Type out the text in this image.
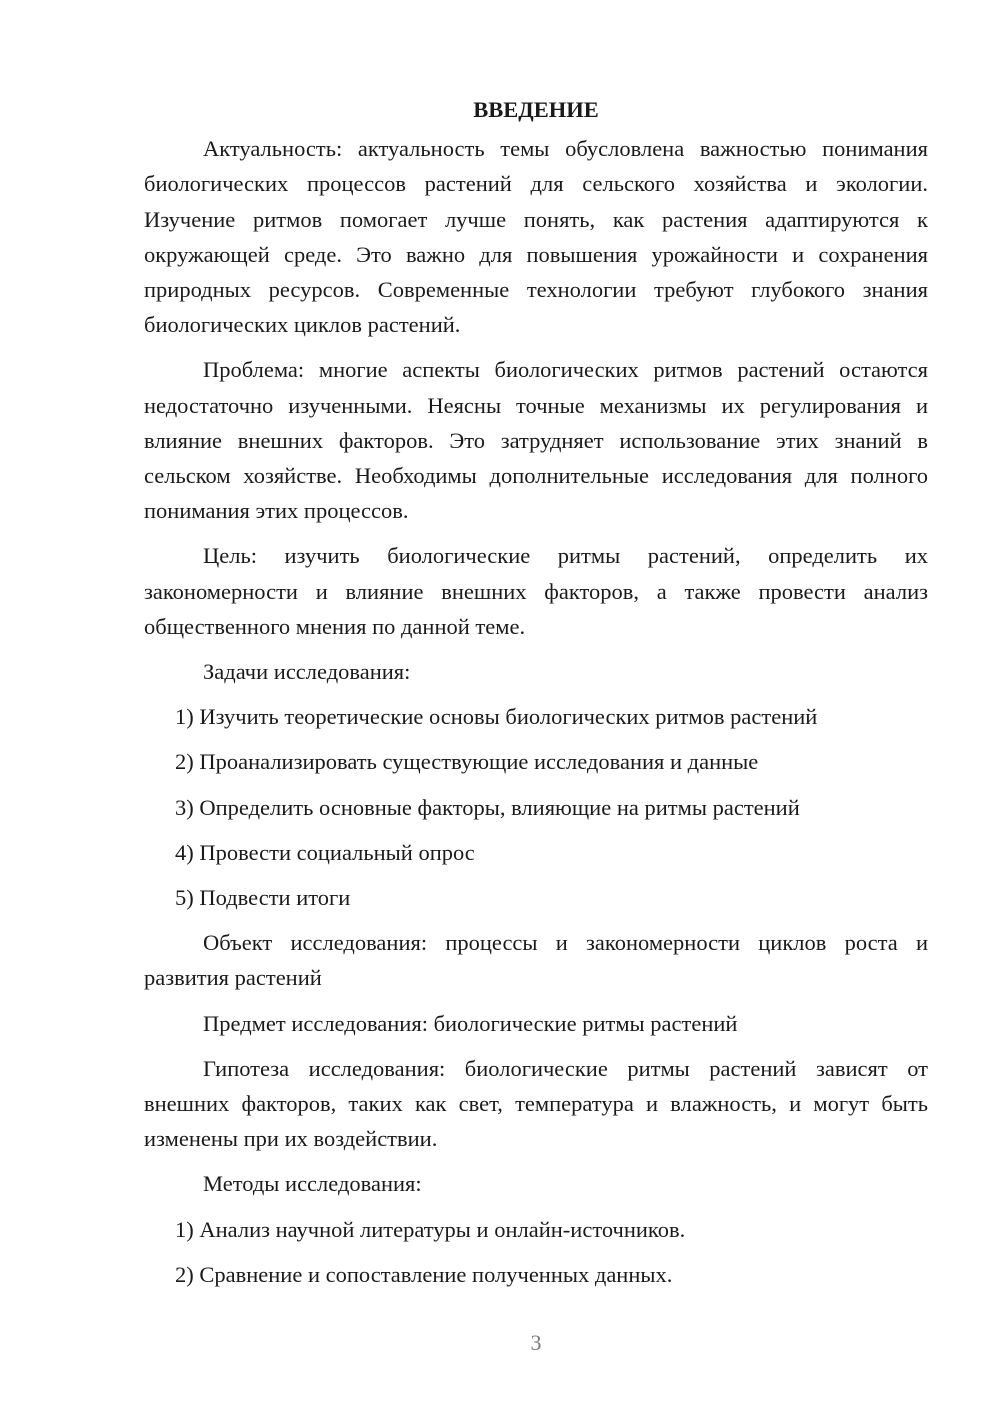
ВВЕДЕНИЕ

Актуальность: актуальность темы обусловлена важностью понимания биологических процессов растений для сельского хозяйства и экологии. Изучение ритмов помогает лучше понять, как растения адаптируются к окружающей среде. Это важно для повышения урожайности и сохранения природных ресурсов. Современные технологии требуют глубокого знания биологических циклов растений.

Проблема: многие аспекты биологических ритмов растений остаются недостаточно изученными. Неясны точные механизмы их регулирования и влияние внешних факторов. Это затрудняет использование этих знаний в сельском хозяйстве. Необходимы дополнительные исследования для полного понимания этих процессов.

Цель: изучить биологические ритмы растений, определить их закономерности и влияние внешних факторов, а также провести анализ общественного мнения по данной теме.

Задачи исследования:
1) Изучить теоретические основы биологических ритмов растений
2) Проанализировать существующие исследования и данные
3) Определить основные факторы, влияющие на ритмы растений
4) Провести социальный опрос
5) Подвести итоги

Объект исследования: процессы и закономерности циклов роста и развития растений

Предмет исследования: биологические ритмы растений

Гипотеза исследования: биологические ритмы растений зависят от внешних факторов, таких как свет, температура и влажность, и могут быть изменены при их воздействии.

Методы исследования:
1) Анализ научной литературы и онлайн-источников.
2) Сравнение и сопоставление полученных данных.
3
